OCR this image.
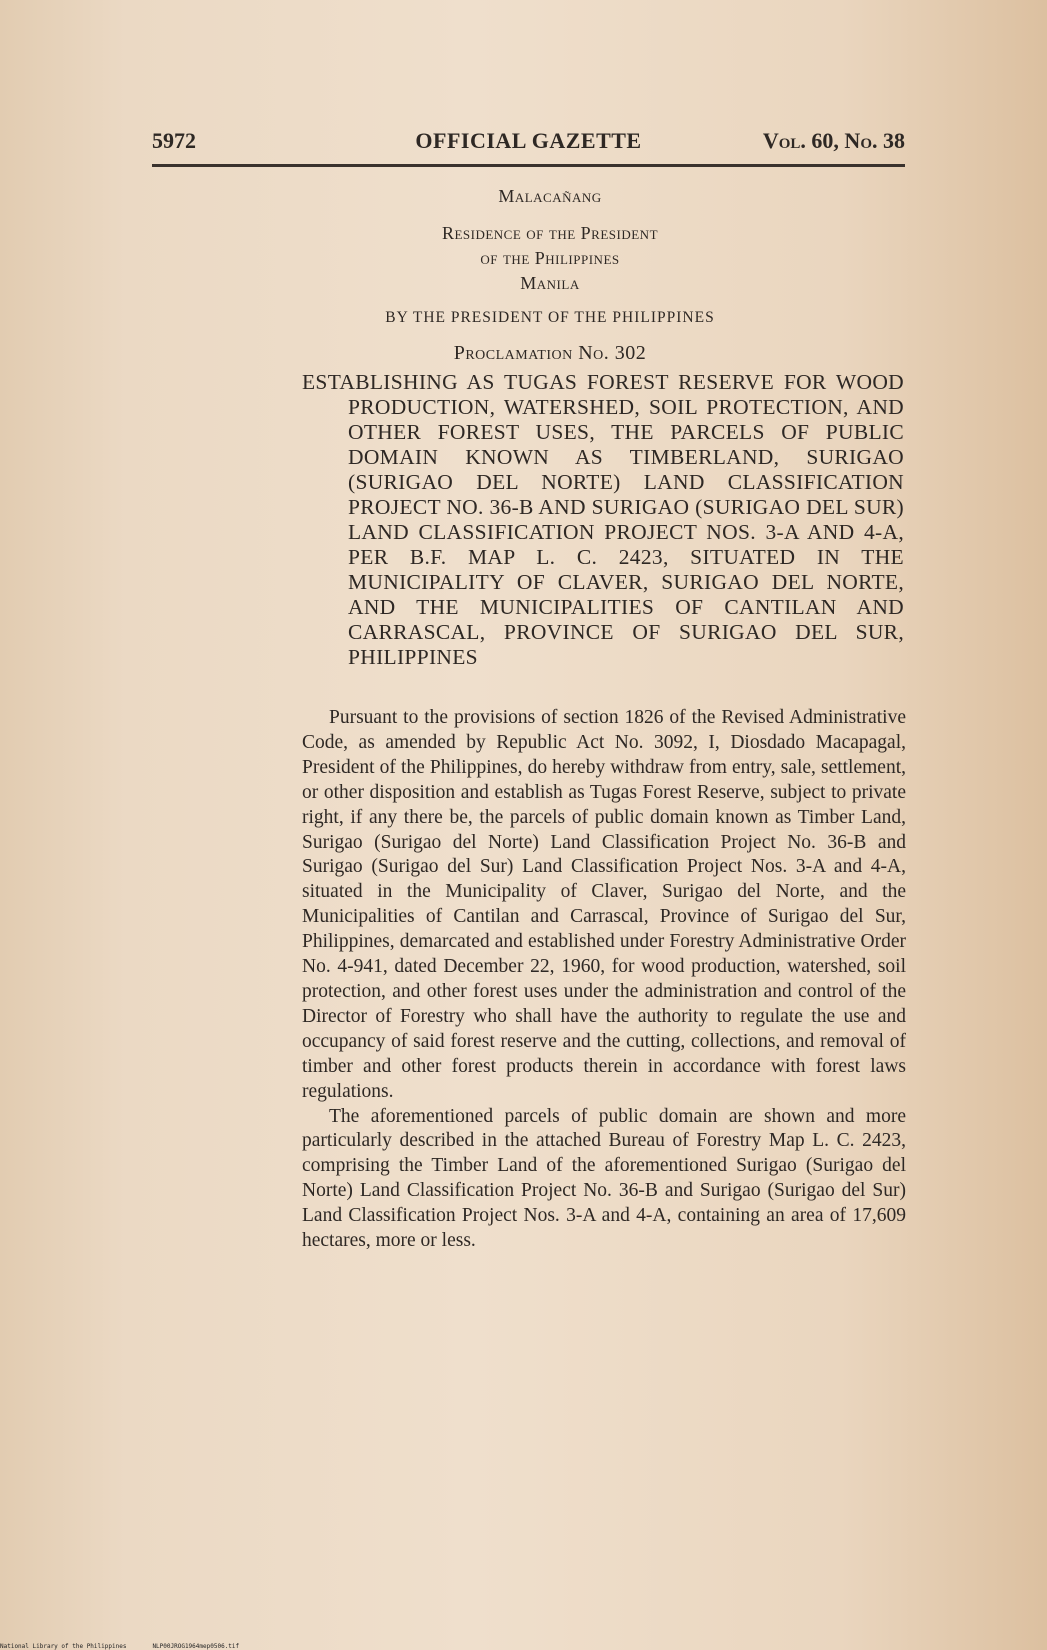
5972	OFFICIAL GAZETTE	Vol. 60, No. 38
Malacañang
Residence of the President
of the Philippines
Manila
BY THE PRESIDENT OF THE PHILIPPINES
Proclamation No. 302

ESTABLISHING AS TUGAS FOREST RESERVE FOR WOOD PRODUCTION, WATERSHED, SOIL PROTECTION, AND OTHER FOREST USES, THE PARCELS OF PUBLIC DOMAIN KNOWN AS TIMBERLAND, SURIGAO (SURIGAO DEL NORTE) LAND CLASSIFICATION PROJECT NO. 36-B AND SURIGAO (SURIGAO DEL SUR) LAND CLASSIFICATION PROJECT NOS. 3-A AND 4-A, PER B.F. MAP L. C. 2423, SITUATED IN THE MUNICIPALITY OF CLAVER, SURIGAO DEL NORTE, AND THE MUNICIPALITIES OF CANTILAN AND CARRASCAL, PROVINCE OF SURIGAO DEL SUR, PHILIPPINES

Pursuant to the provisions of section 1826 of the Revised Administrative Code, as amended by Republic Act No. 3092, I, Diosdado Macapagal, President of the Philippines, do hereby withdraw from entry, sale, settlement, or other disposition and establish as Tugas Forest Reserve, subject to private right, if any there be, the parcels of public domain known as Timber Land, Surigao (Surigao del Norte) Land Classification Project No. 36-B and Surigao (Surigao del Sur) Land Classification Project Nos. 3-A and 4-A, situated in the Municipality of Claver, Surigao del Norte, and the Municipalities of Cantilan and Carrascal, Province of Surigao del Sur, Philippines, demarcated and established under Forestry Administrative Order No. 4-941, dated December 22, 1960, for wood production, watershed, soil protection, and other forest uses under the administration and control of the Director of Forestry who shall have the authority to regulate the use and occupancy of said forest reserve and the cutting, collections, and removal of timber and other forest products therein in accordance with forest laws regulations.

The aforementioned parcels of public domain are shown and more particularly described in the attached Bureau of Forestry Map L. C. 2423, comprising the Timber Land of the aforementioned Surigao (Surigao del Norte) Land Classification Project No. 36-B and Surigao (Surigao del Sur) Land Classification Project Nos. 3-A and 4-A, containing an area of 17,609 hectares, more or less.

National Library of the Philippines	NLP00JROG1964mep0506.tif
